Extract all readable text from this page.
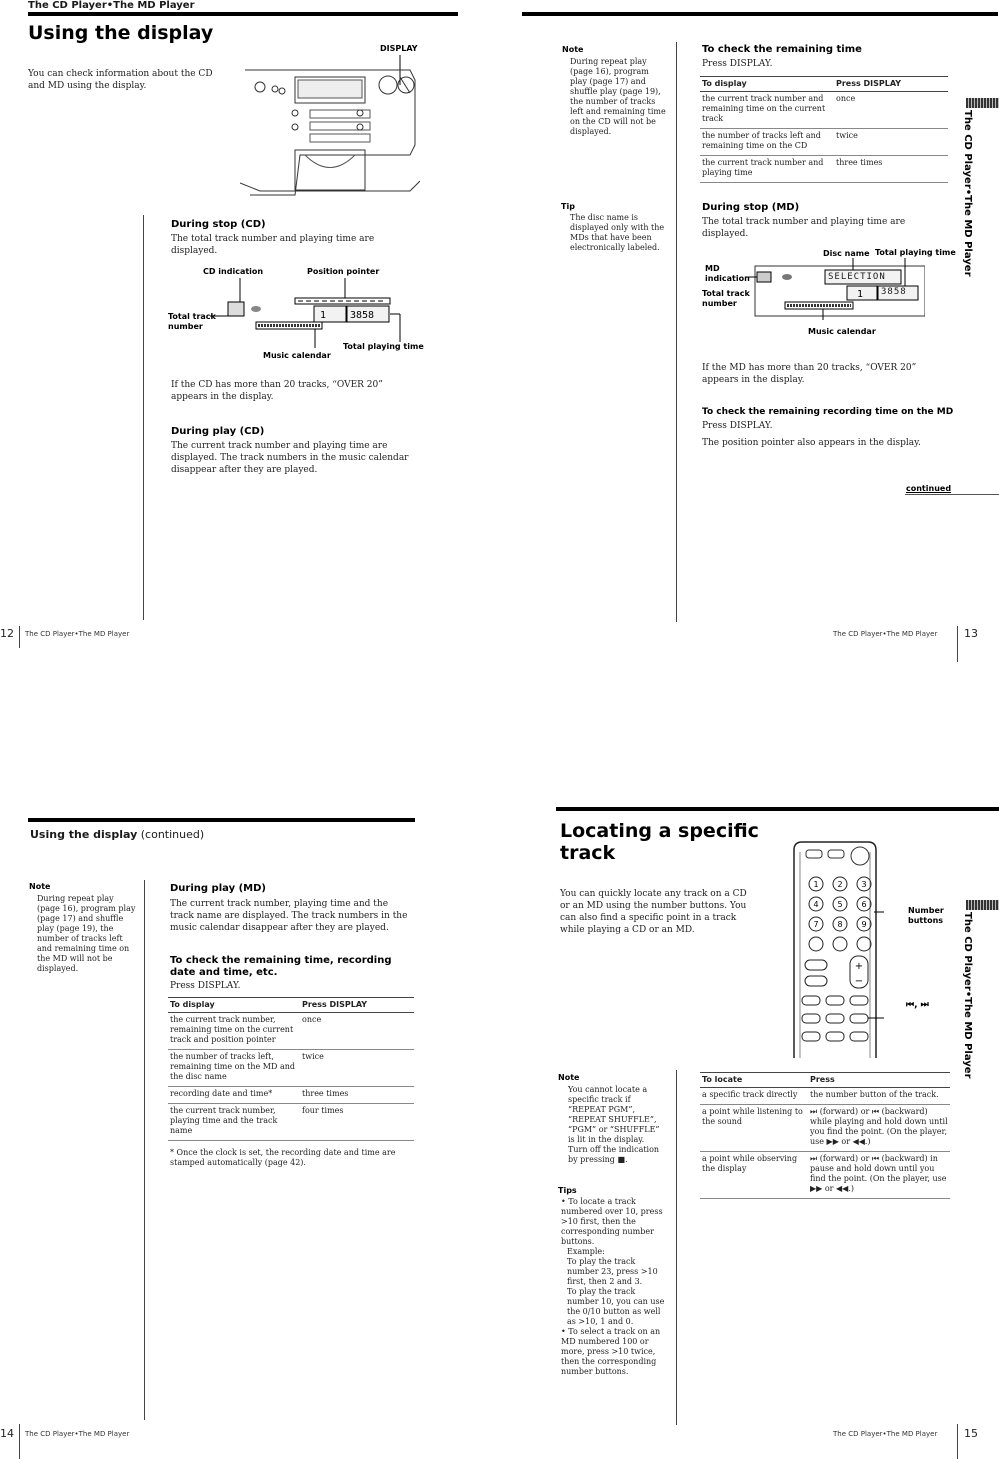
The CD Player•The MD Player
Using the display
You can check information about the CD and MD using the display.
DISPLAY
During stop (CD)
The total track number and playing time are displayed.
CD indication	Position pointer
Total track
number
Total playing time
Music calendar
1 3858
If the CD has more than 20 tracks, “OVER 20” appears in the display.
During play (CD)
The current track number and playing time are displayed. The track numbers in the music calendar disappear after they are played.
12 The CD Player•The MD Player
Note
During repeat play (page 16), program play (page 17) and shuffle play (page 19), the number of tracks left and remaining time on the CD will not be displayed.
Tip
The disc name is displayed only with the MDs that have been electronically labeled.
To check the remaining time
Press DISPLAY.
To display	Press DISPLAY
the current track number and remaining time on the current track	once
the number of tracks left and remaining time on the CD	twice
the current track number and playing time	three times
During stop (MD)
The total track number and playing time are displayed.
Disc name Total playing time
MD
indication
Total track
number
1
SELECTION
3858
Music calendar
If the MD has more than 20 tracks, “OVER 20” appears in the display.
To check the remaining recording time on the MD
Press DISPLAY.
The position pointer also appears in the display.
continued
The CD Player•The MD Player
The CD Player•The MD Player 13
Using the display (continued)
Note
During repeat play (page 16), program play (page 17) and shuffle play (page 19), the number of tracks left and remaining time on the MD will not be displayed.
During play (MD)
The current track number, playing time and the track name are displayed. The track numbers in the music calendar disappear after they are played.
To check the remaining time, recording date and time, etc.
Press DISPLAY.
To display	Press DISPLAY
the current track number, remaining time on the current track and position pointer	once
the number of tracks left, remaining time on the MD and the disc name	twice
recording date and time*	three times
the current track number, playing time and the track name	four times
* Once the clock is set, the recording date and time are stamped automatically (page 42).
14 The CD Player•The MD Player
Locating a specific
track
You can quickly locate any track on a CD or an MD using the number buttons. You can also find a specific point in a track while playing a CD or an MD.
1 2 3
4 5 6
7 8 9
+
−
Number
buttons
⏮, ⏭	The CD Player•The MD Player
Note
You cannot locate a specific track if “REPEAT PGM”, “REPEAT SHUFFLE”, “PGM” or “SHUFFLE” is lit in the display. Turn off the indication by pressing ■.
Tips
• To locate a track numbered over 10, press >10 first, then the corresponding number buttons.
Example:
To play the track number 23, press >10 first, then 2 and 3.
To play the track number 10, you can use the 0/10 button as well as >10, 1 and 0.
• To select a track on an MD numbered 100 or more, press >10 twice, then the corresponding number buttons.
To locate	Press
a specific track directly	the number button of the track.
a point while listening to the sound	⏭ (forward) or ⏮ (backward) while playing and hold down until you find the point. (On the player, use ▶▶ or ◀◀.)
a point while observing the display	⏭ (forward) or ⏮ (backward) in pause and hold down until you find the point. (On the player, use ▶▶ or ◀◀.)
The CD Player•The MD Player 15
